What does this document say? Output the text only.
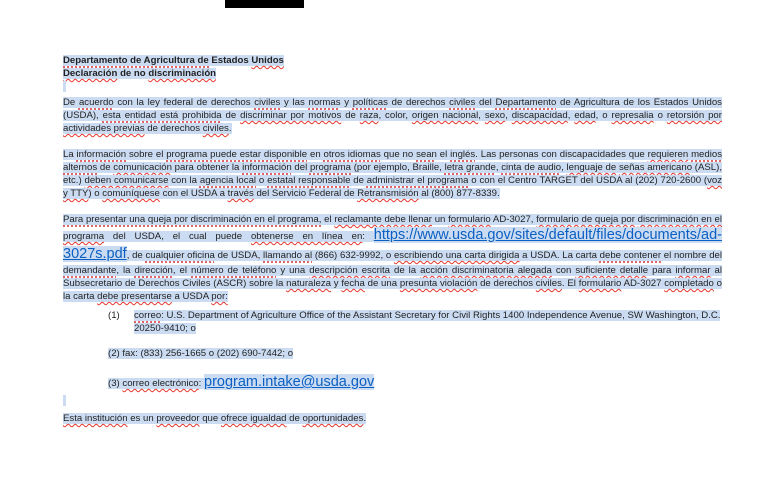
Departamento de Agricultura de Estados Unidos
Declaración de no discriminación
De acuerdo con la ley federal de derechos civiles y las normas y políticas de derechos civiles del Departamento de Agricultura de los Estados Unidos (USDA), esta entidad está prohibida de discriminar por motivos de raza, color, origen nacional, sexo, discapacidad, edad, o represalia o retorsión por actividades previas de derechos civiles.
La información sobre el programa puede estar disponible en otros idiomas que no sean el inglés. Las personas con discapacidades que requieren medios alternos de comunicación para obtener la información del programa (por ejemplo, Braille, letra grande, cinta de audio, lenguaje de señas americano (ASL), etc.) deben comunicarse con la agencia local o estatal responsable de administrar el programa o con el Centro TARGET del USDA al (202) 720-2600 (voz y TTY) o comuníquese con el USDA a través del Servicio Federal de Retransmisión al (800) 877-8339.
Para presentar una queja por discriminación en el programa, el reclamante debe llenar un formulario AD-3027, formulario de queja por discriminación en el programa del USDA, el cual puede obtenerse en línea en: https://www.usda.gov/sites/default/files/documents/ad-3027s.pdf, de cualquier oficina de USDA, llamando al (866) 632-9992, o escribiendo una carta dirigida a USDA. La carta debe contener el nombre del demandante, la dirección, el número de teléfono y una descripción escrita de la acción discriminatoria alegada con suficiente detalle para informar al Subsecretario de Derechos Civiles (ASCR) sobre la naturaleza y fecha de una presunta violación de derechos civiles. El formulario AD-3027 completado o la carta debe presentarse a USDA por:
(1) correo: U.S. Department of Agriculture Office of the Assistant Secretary for Civil Rights 1400 Independence Avenue, SW Washington, D.C. 20250-9410; o
(2) fax: (833) 256-1665 o (202) 690-7442; o
(3) correo electrónico: program.intake@usda.gov
Esta institución es un proveedor que ofrece igualdad de oportunidades.
